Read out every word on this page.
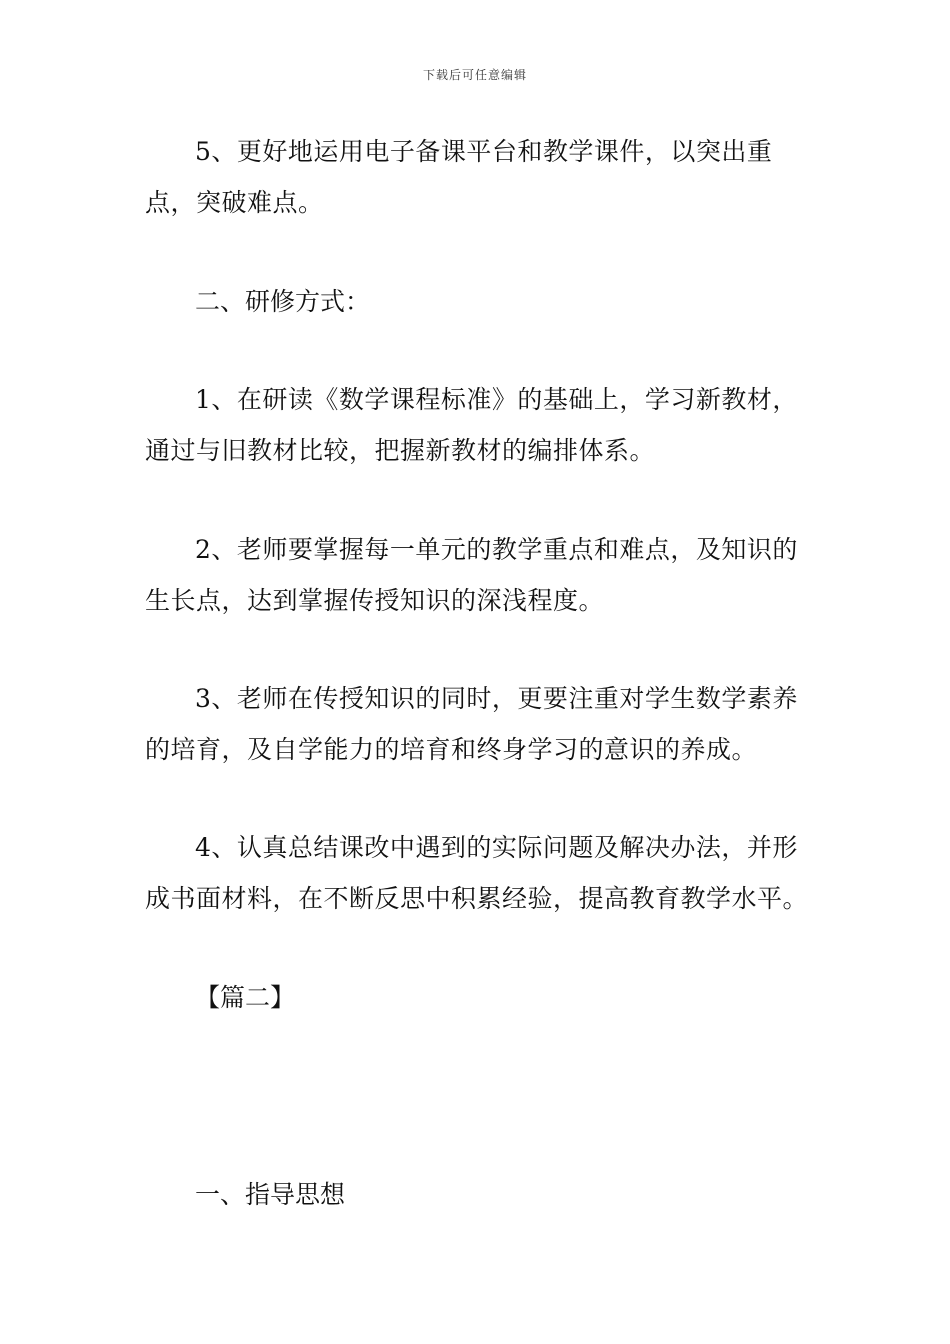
下载后可任意编辑

5、更好地运用电子备课平台和教学课件，以突出重点，突破难点。

二、研修方式：

1、在研读《数学课程标准》的基础上，学习新教材，通过与旧教材比较，把握新教材的编排体系。

2、老师要掌握每一单元的教学重点和难点，及知识的生长点，达到掌握传授知识的深浅程度。

3、老师在传授知识的同时，更要注重对学生数学素养的培育，及自学能力的培育和终身学习的意识的养成。

4、认真总结课改中遇到的实际问题及解决办法，并形成书面材料，在不断反思中积累经验，提高教育教学水平。

【篇二】

一、指导思想
